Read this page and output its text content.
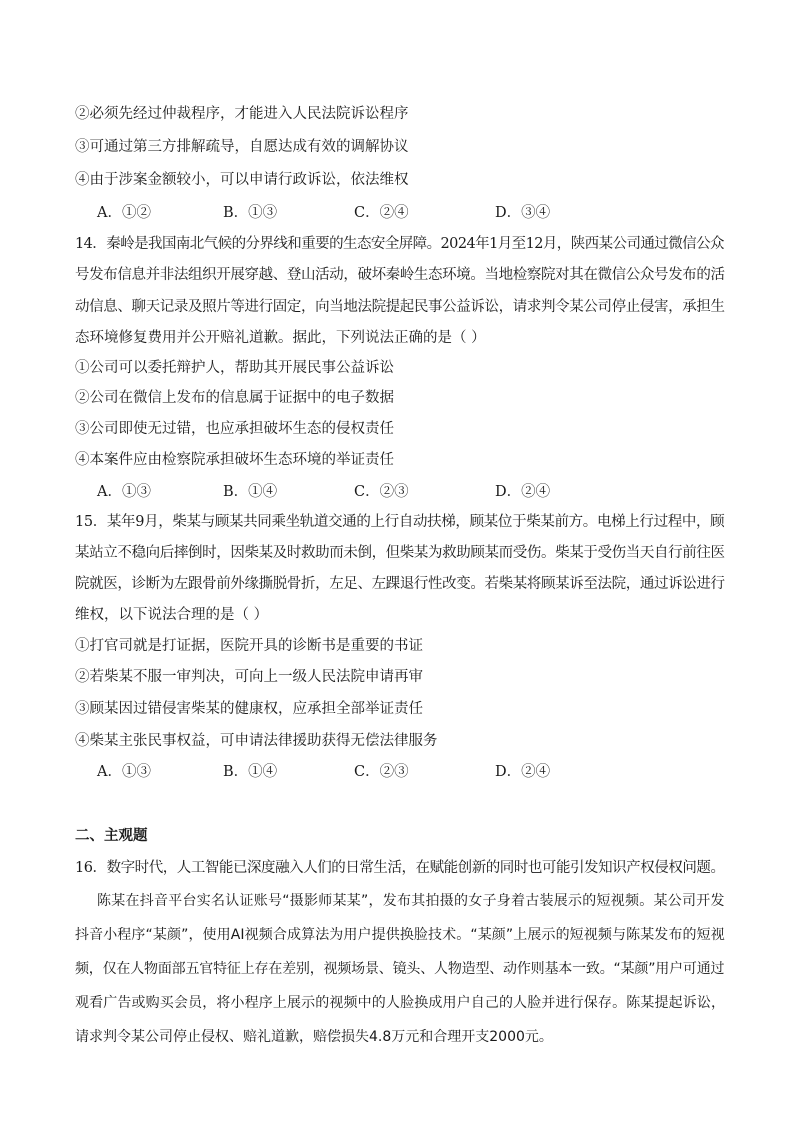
②必须先经过仲裁程序，才能进入人民法院诉讼程序
③可通过第三方排解疏导，自愿达成有效的调解协议
④由于涉案金额较小，可以申请行政诉讼，依法维权
A．①②	B．①③	C．②④	D．③④
14．秦岭是我国南北气候的分界线和重要的生态安全屏障。2024年1月至12月，陕西某公司通过微信公众
号发布信息并非法组织开展穿越、登山活动，破坏秦岭生态环境。当地检察院对其在微信公众号发布的活
动信息、聊天记录及照片等进行固定，向当地法院提起民事公益诉讼，请求判令某公司停止侵害，承担生
态环境修复费用并公开赔礼道歉。据此，下列说法正确的是（ ）
①公司可以委托辩护人，帮助其开展民事公益诉讼
②公司在微信上发布的信息属于证据中的电子数据
③公司即使无过错，也应承担破坏生态的侵权责任
④本案件应由检察院承担破坏生态环境的举证责任
A．①③	B．①④	C．②③	D．②④
15．某年9月，柴某与顾某共同乘坐轨道交通的上行自动扶梯，顾某位于柴某前方。电梯上行过程中，顾
某站立不稳向后摔倒时，因柴某及时救助而未倒，但柴某为救助顾某而受伤。柴某于受伤当天自行前往医
院就医，诊断为左跟骨前外缘撕脱骨折，左足、左踝退行性改变。若柴某将顾某诉至法院，通过诉讼进行
维权，以下说法合理的是（ ）
①打官司就是打证据，医院开具的诊断书是重要的书证
②若柴某不服一审判决，可向上一级人民法院申请再审
③顾某因过错侵害柴某的健康权，应承担全部举证责任
④柴某主张民事权益，可申请法律援助获得无偿法律服务
A．①③	B．①④	C．②③	D．②④
二、主观题
16．数字时代，人工智能已深度融入人们的日常生活，在赋能创新的同时也可能引发知识产权侵权问题。
陈某在抖音平台实名认证账号“摄影师某某”，发布其拍摄的女子身着古装展示的短视频。某公司开发
抖音小程序“某颜”，使用AI视频合成算法为用户提供换脸技术。“某颜”上展示的短视频与陈某发布的短视
频，仅在人物面部五官特征上存在差别，视频场景、镜头、人物造型、动作则基本一致。“某颜”用户可通过
观看广告或购买会员，将小程序上展示的视频中的人脸换成用户自己的人脸并进行保存。陈某提起诉讼，
请求判令某公司停止侵权、赔礼道歉，赔偿损失4.8万元和合理开支2000元。
